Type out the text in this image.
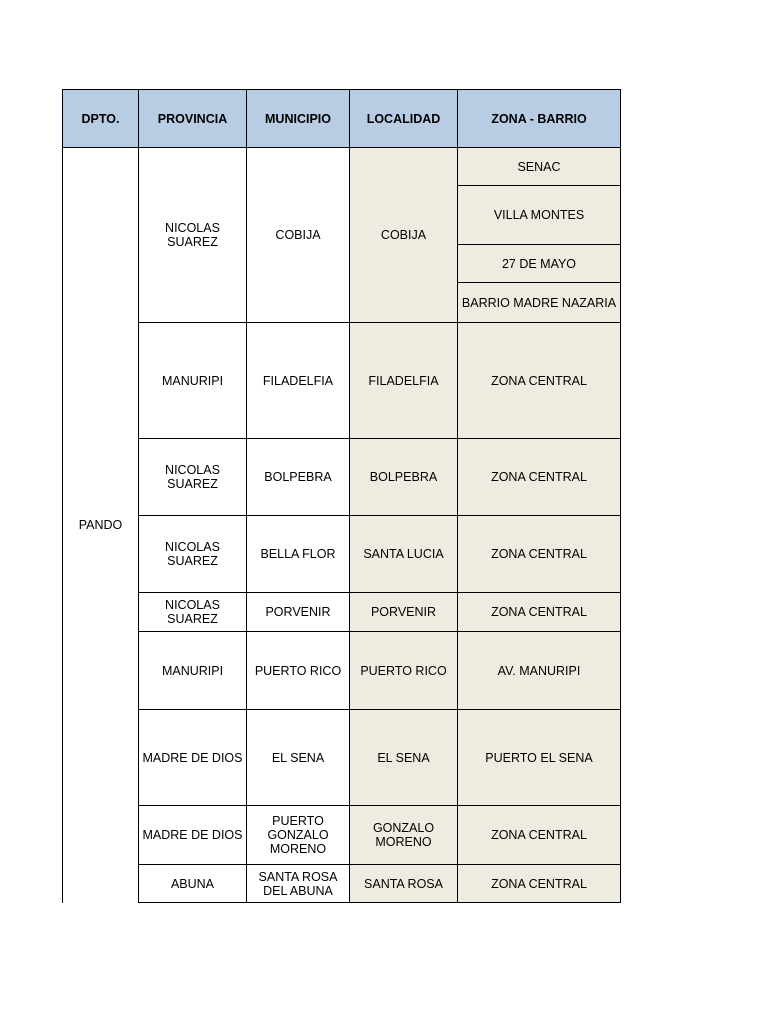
DPTO.	PROVINCIA	MUNICIPIO	LOCALIDAD	ZONA - BARRIO
PANDO	NICOLAS SUAREZ	COBIJA	COBIJA	SENAC
				VILLA MONTES
				27 DE MAYO
				BARRIO MADRE NAZARIA
	MANURIPI	FILADELFIA	FILADELFIA	ZONA CENTRAL
	NICOLAS SUAREZ	BOLPEBRA	BOLPEBRA	ZONA CENTRAL
	NICOLAS SUAREZ	BELLA FLOR	SANTA LUCIA	ZONA CENTRAL
	NICOLAS SUAREZ	PORVENIR	PORVENIR	ZONA CENTRAL
	MANURIPI	PUERTO RICO	PUERTO RICO	AV. MANURIPI
	MADRE DE DIOS	EL SENA	EL SENA	PUERTO EL SENA
	MADRE DE DIOS	PUERTO GONZALO MORENO	GONZALO MORENO	ZONA CENTRAL
	ABUNA	SANTA ROSA DEL ABUNA	SANTA ROSA	ZONA CENTRAL
